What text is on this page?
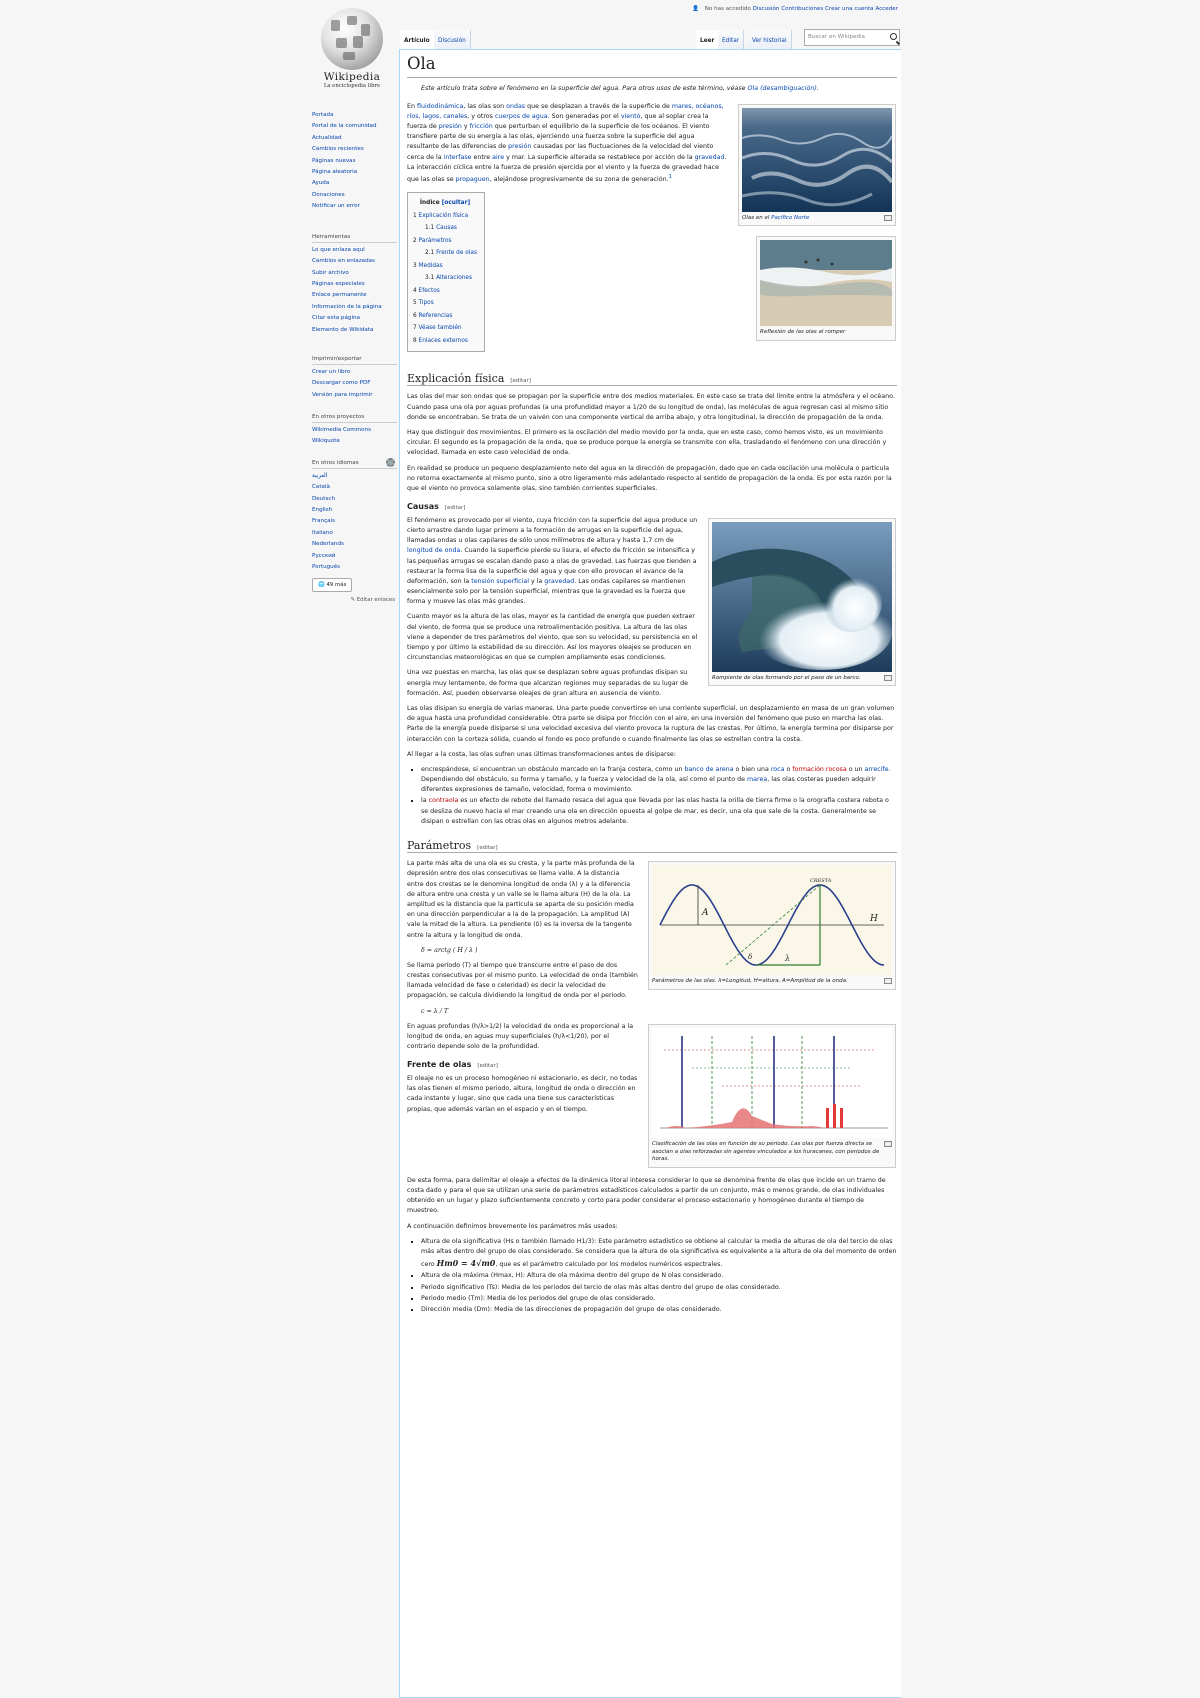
👤 No has accedido Discusión Contribuciones Crear una cuenta Acceder
Wikipedia
La enciclopedia libre
Portada
Portal de la comunidad
Actualidad
Cambios recientes
Páginas nuevas
Página aleatoria
Ayuda
Donaciones
Notificar un error
Herramientas
Lo que enlaza aquí
Cambios en enlazadas
Subir archivo
Páginas especiales
Enlace permanente
Información de la página
Citar esta página
Elemento de Wikidata
Imprimir/exportar
Crear un libro
Descargar como PDF
Versión para imprimir
En otros proyectos
Wikimedia Commons
Wikiquote
En otros idiomas
العربية
Català
Deutsch
English
Français
Italiano
Nederlands
Русский
Português
🌐 49 más
✎ Editar enlaces
Artículo	Discusión	Leer	Editar	Ver historial
Buscar en Wikipedia
Ola
Este artículo trata sobre el fenómeno en la superficie del agua. Para otros usos de este término, véase Ola (desambiguación).
Olas en el Pacífico Norte

En fluidodinámica, las olas son ondas que se desplazan a través de la superficie de mares, océanos, ríos, lagos, canales, y otros cuerpos de agua. Son generadas por el viento, que al soplar crea la fuerza de presión y fricción que perturban el equilibrio de la superficie de los océanos. El viento transfiere parte de su energía a las olas, ejerciendo una fuerza sobre la superficie del agua resultante de las diferencias de presión causadas por las fluctuaciones de la velocidad del viento cerca de la interfase entre aire y mar. La superficie alterada se restablece por acción de la gravedad. La interacción cíclica entre la fuerza de presión ejercida por el viento y la fuerza de gravedad hace que las olas se propaguen, alejándose progresivamente de su zona de generación.$^1$

Reflexión de las olas al romper
Índice [ocultar]
1 Explicación física
1.1 Causas
2 Parámetros
2.1 Frente de olas
3 Medidas
3.1 Alteraciones
4 Efectos
5 Tipos
6 Referencias
7 Véase también
8 Enlaces externos
Explicación física [editar]

Las olas del mar son ondas que se propagan por la superficie entre dos medios materiales. En este caso se trata del límite entre la atmósfera y el océano. Cuando pasa una ola por aguas profundas (a una profundidad mayor a 1/20 de su longitud de onda), las moléculas de agua regresan casi al mismo sitio donde se encontraban. Se trata de un vaivén con una componente vertical de arriba abajo, y otra longitudinal, la dirección de propagación de la onda.

Hay que distinguir dos movimientos. El primero es la oscilación del medio movido por la onda, que en este caso, como hemos visto, es un movimiento circular. El segundo es la propagación de la onda, que se produce porque la energía se transmite con ella, trasladando el fenómeno con una dirección y velocidad, llamada en este caso velocidad de onda.

En realidad se produce un pequeno desplazamiento neto del agua en la dirección de propagación, dado que en cada oscilación una molécula o partícula no retorna exactamente al mismo punto, sino a otro ligeramente más adelantado respecto al sentido de propagación de la onda. Es por esta razón por la que el viento no provoca solamente olas, sino también corrientes superficiales.

Causas [editar]
Rompiente de olas formando por el paso de un barco.

El fenómeno es provocado por el viento, cuya fricción con la superficie del agua produce un cierto arrastre dando lugar primero a la formación de arrugas en la superficie del agua, llamadas ondas u olas capilares de sólo unos milímetros de altura y hasta 1,7 cm de longitud de onda. Cuando la superficie pierde su lisura, el efecto de fricción se intensifica y las pequeñas arrugas se escalan dando paso a olas de gravedad. Las fuerzas que tienden a restaurar la forma lisa de la superficie del agua y que con ello provocan el avance de la deformación, son la tensión superficial y la gravedad. Las ondas capilares se mantienen esencialmente solo por la tensión superficial, mientras que la gravedad es la fuerza que forma y mueve las olas más grandes.

Cuanto mayor es la altura de las olas, mayor es la cantidad de energía que pueden extraer del viento, de forma que se produce una retroalimentación positiva. La altura de las olas viene a depender de tres parámetros del viento, que son su velocidad, su persistencia en el tiempo y por último la estabilidad de su dirección. Así los mayores oleajes se producen en circunstancias meteorológicas en que se cumplen ampliamente esas condiciones.

Una vez puestas en marcha, las olas que se desplazan sobre aguas profundas disipan su energía muy lentamente, de forma que alcanzan regiones muy separadas de su lugar de formación. Así, pueden observarse oleajes de gran altura en ausencia de viento.

Las olas disipan su energía de varias maneras. Una parte puede convertirse en una corriente superficial, un desplazamiento en masa de un gran volumen de agua hasta una profundidad considerable. Otra parte se disipa por fricción con el aire, en una inversión del fenómeno que puso en marcha las olas. Parte de la energía puede disiparse si una velocidad excesiva del viento provoca la ruptura de las crestas. Por último, la energía termina por disiparse por interacción con la corteza sólida, cuando el fondo es poco profundo o cuando finalmente las olas se estrellan contra la costa.

Al llegar a la costa, las olas sufren unas últimas transformaciones antes de disiparse:

▪ encrespándose, si encuentran un obstáculo marcado en la franja costera, como un banco de arena o bien una roca o formación rocosa o un arrecife. Dependiendo del obstáculo, su forma y tamaño, y la fuerza y velocidad de la ola, así como el punto de marea, las olas costeras pueden adquirir diferentes expresiones de tamaño, velocidad, forma o movimiento.
▪ la contraola es un efecto de rebote del llamado resaca del agua que llevada por las olas hasta la orilla de tierra firme o la orografía costera rebota o se desliza de nuevo hacia el mar creando una ola en dirección opuesta al golpe de mar, es decir, una ola que sale de la costa. Generalmente se disipan o estrellan con las otras olas en algunos metros adelante.
Parámetros [editar]
A
H
λ
δ
CRESTA
Parámetros de las olas. λ=Longitud, H=altura, A=Amplitud de la onda.

La parte más alta de una ola es su cresta, y la parte más profunda de la depresión entre dos olas consecutivas se llama valle. A la distancia entre dos crestas se le denomina longitud de onda (λ) y a la diferencia de altura entre una cresta y un valle se le llama altura (H) de la ola. La amplitud es la distancia que la partícula se aparta de su posición media en una dirección perpendicular a la de la propagación. La amplitud (A) vale la mitad de la altura. La pendiente (δ) es la inversa de la tangente entre la altura y la longitud de onda.

δ = arctg ( H / λ )

Se llama período (T) al tiempo que transcurre entre el paso de dos crestas consecutivas por el mismo punto. La velocidad de onda (también llamada velocidad de fase o celeridad) es decir la velocidad de propagación, se calcula dividiendo la longitud de onda por el periodo.

c = λ / T
Clasificación de las olas en función de su periodo. Las olas por fuerza directa se asocian a olas reforzadas sin agentes vinculados a los huracanes, con periodos de horas.

En aguas profundas (h/λ>1/2) la velocidad de onda es proporcional a la longitud de onda, en aguas muy superficiales (h/λ<1/20), por el contrario depende solo de la profundidad.

Frente de olas [editar]

El oleaje no es un proceso homogéneo ni estacionario, es decir, no todas las olas tienen el mismo periodo, altura, longitud de onda o dirección en cada instante y lugar, sino que cada una tiene sus características propias, que además varían en el espacio y en el tiempo.

De esta forma, para delimitar el oleaje a efectos de la dinámica litoral interesa considerar lo que se denomina frente de olas que incide en un tramo de costa dado y para el que se utilizan una serie de parámetros estadísticos calculados a partir de un conjunto, más o menos grande, de olas individuales obtenido en un lugar y plazo suficientemente concreto y corto para poder considerar el proceso estacionario y homogéneo durante el tiempo de muestreo.

A continuación definimos brevemente los parámetros más usados:

▪ Altura de ola significativa (Hs o también llamado H1/3): Este parámetro estadístico se obtiene al calcular la media de alturas de ola del tercio de olas más altas dentro del grupo de olas considerado. Se considera que la altura de ola significativa es equivalente a la altura de ola del momento de orden cero Hm0 = 4√m0, que es el parámetro calculado por los modelos numéricos espectrales.
▪ Altura de ola máxima (Hmax, H): Altura de ola máxima dentro del grupo de N olas considerado.
▪ Periodo significativo (Ts): Media de los periodos del tercio de olas más altas dentro del grupo de olas considerado.
▪ Periodo medio (Tm): Media de los periodos del grupo de olas considerado.
▪ Dirección media (Dm): Media de las direcciones de propagación del grupo de olas considerado.
